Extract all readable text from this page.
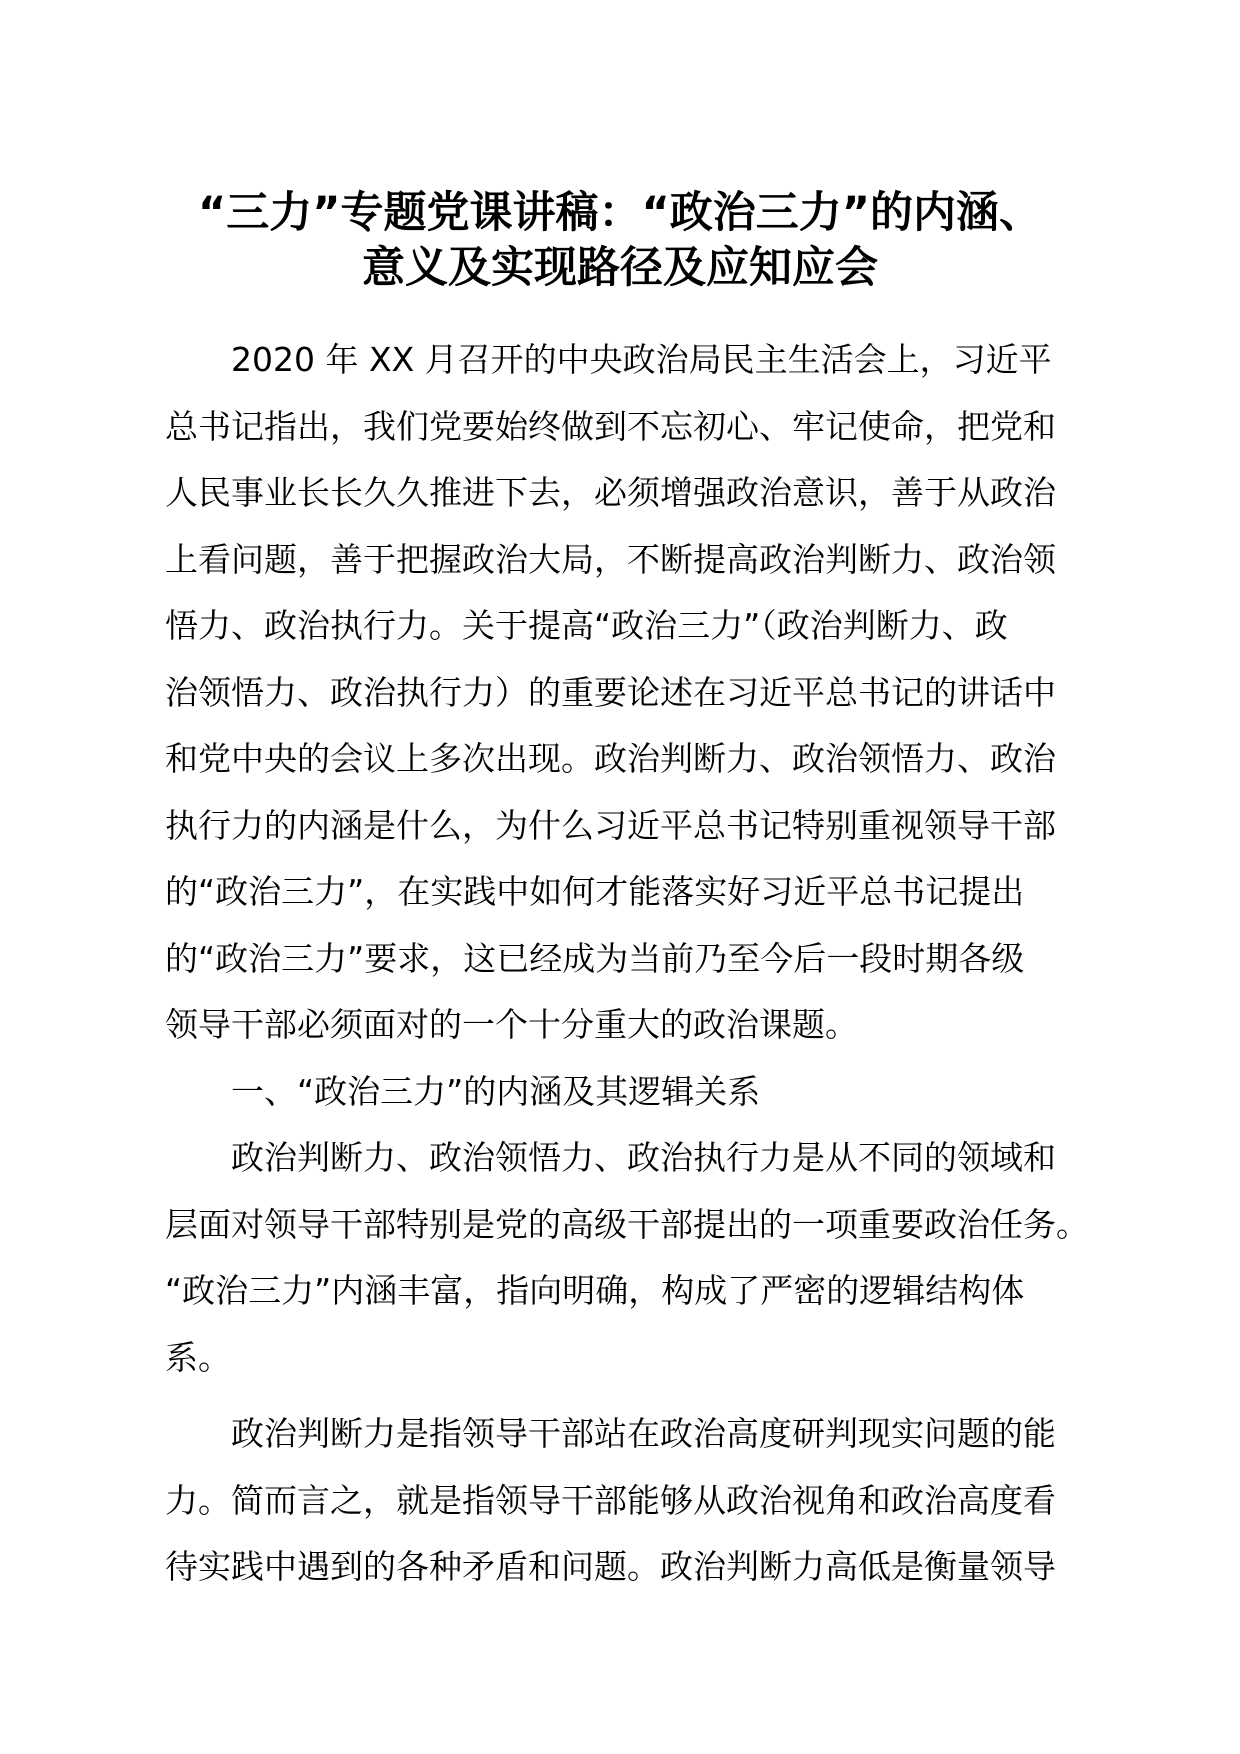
“三力”专题党课讲稿：“政治三力”的内涵、
意义及实现路径及应知应会
2020 年 XX 月召开的中央政治局民主生活会上，习近平
总书记指出，我们党要始终做到不忘初心、牢记使命，把党和
人民事业长长久久推进下去，必须增强政治意识，善于从政治
上看问题，善于把握政治大局，不断提高政治判断力、政治领
悟力、政治执行力。关于提高“政治三力”（政治判断力、政
治领悟力、政治执行力）的重要论述在习近平总书记的讲话中
和党中央的会议上多次出现。政治判断力、政治领悟力、政治
执行力的内涵是什么，为什么习近平总书记特别重视领导干部
的“政治三力”，在实践中如何才能落实好习近平总书记提出
的“政治三力”要求，这已经成为当前乃至今后一段时期各级
领导干部必须面对的一个十分重大的政治课题。
一、“政治三力”的内涵及其逻辑关系
政治判断力、政治领悟力、政治执行力是从不同的领域和
层面对领导干部特别是党的高级干部提出的一项重要政治任务。
“政治三力”内涵丰富，指向明确，构成了严密的逻辑结构体
系。
政治判断力是指领导干部站在政治高度研判现实问题的能
力。简而言之，就是指领导干部能够从政治视角和政治高度看
待实践中遇到的各种矛盾和问题。政治判断力高低是衡量领导
